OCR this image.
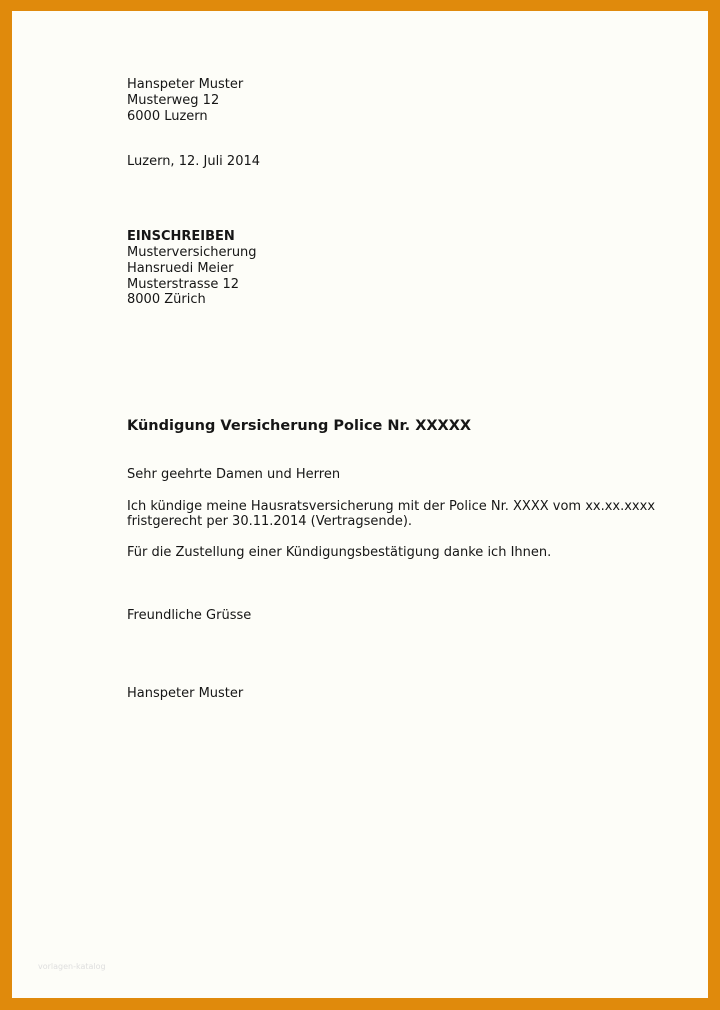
Hanspeter Muster
Musterweg 12
6000 Luzern
Luzern, 12. Juli 2014
EINSCHREIBEN
Musterversicherung
Hansruedi Meier
Musterstrasse 12
8000 Zürich
Kündigung Versicherung Police Nr. XXXXX
Sehr geehrte Damen und Herren
Ich kündige meine Hausratsversicherung mit der Police Nr. XXXX vom xx.xx.xxxx
fristgerecht per 30.11.2014 (Vertragsende).
Für die Zustellung einer Kündigungsbestätigung danke ich Ihnen.
Freundliche Grüsse
Hanspeter Muster
vorlagen-katalog
